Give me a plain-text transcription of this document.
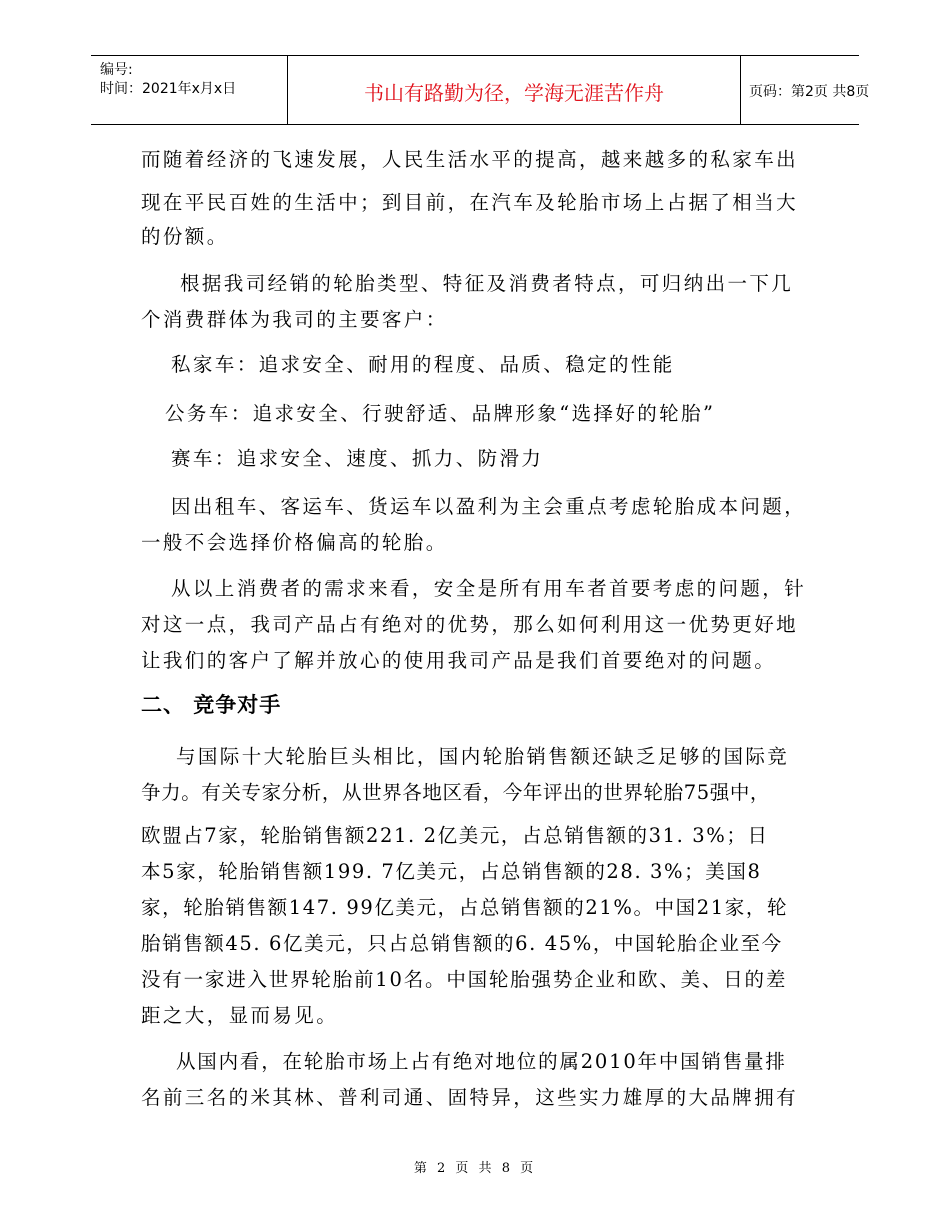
编号:
时间：2021年x月x日	书山有路勤为径，学海无涯苦作舟	页码：第2页 共8页
而随着经济的飞速发展，人民生活水平的提高，越来越多的私家车出
现在平民百姓的生活中；到目前，在汽车及轮胎市场上占据了相当大
的份额。
根据我司经销的轮胎类型、特征及消费者特点，可归纳出一下几
个消费群体为我司的主要客户：
私家车：追求安全、耐用的程度、品质、稳定的性能
公务车：追求安全、行驶舒适、品牌形象“选择好的轮胎”
赛车：追求安全、速度、抓力、防滑力
因出租车、客运车、货运车以盈利为主会重点考虑轮胎成本问题，
一般不会选择价格偏高的轮胎。
从以上消费者的需求来看，安全是所有用车者首要考虑的问题，针
对这一点，我司产品占有绝对的优势，那么如何利用这一优势更好地
让我们的客户了解并放心的使用我司产品是我们首要绝对的问题。
二、 竞争对手
与国际十大轮胎巨头相比，国内轮胎销售额还缺乏足够的国际竞
争力。有关专家分析，从世界各地区看，今年评出的世界轮胎75强中，
欧盟占7家，轮胎销售额221. 2亿美元，占总销售额的31. 3%；日
本5家，轮胎销售额199. 7亿美元，占总销售额的28. 3%；美国8
家，轮胎销售额147. 99亿美元，占总销售额的21%。中国21家，轮
胎销售额45. 6亿美元，只占总销售额的6. 45%，中国轮胎企业至今
没有一家进入世界轮胎前10名。中国轮胎强势企业和欧、美、日的差
距之大，显而易见。
从国内看，在轮胎市场上占有绝对地位的属2010年中国销售量排
名前三名的米其林、普利司通、固特异，这些实力雄厚的大品牌拥有
第 2 页 共 8 页
